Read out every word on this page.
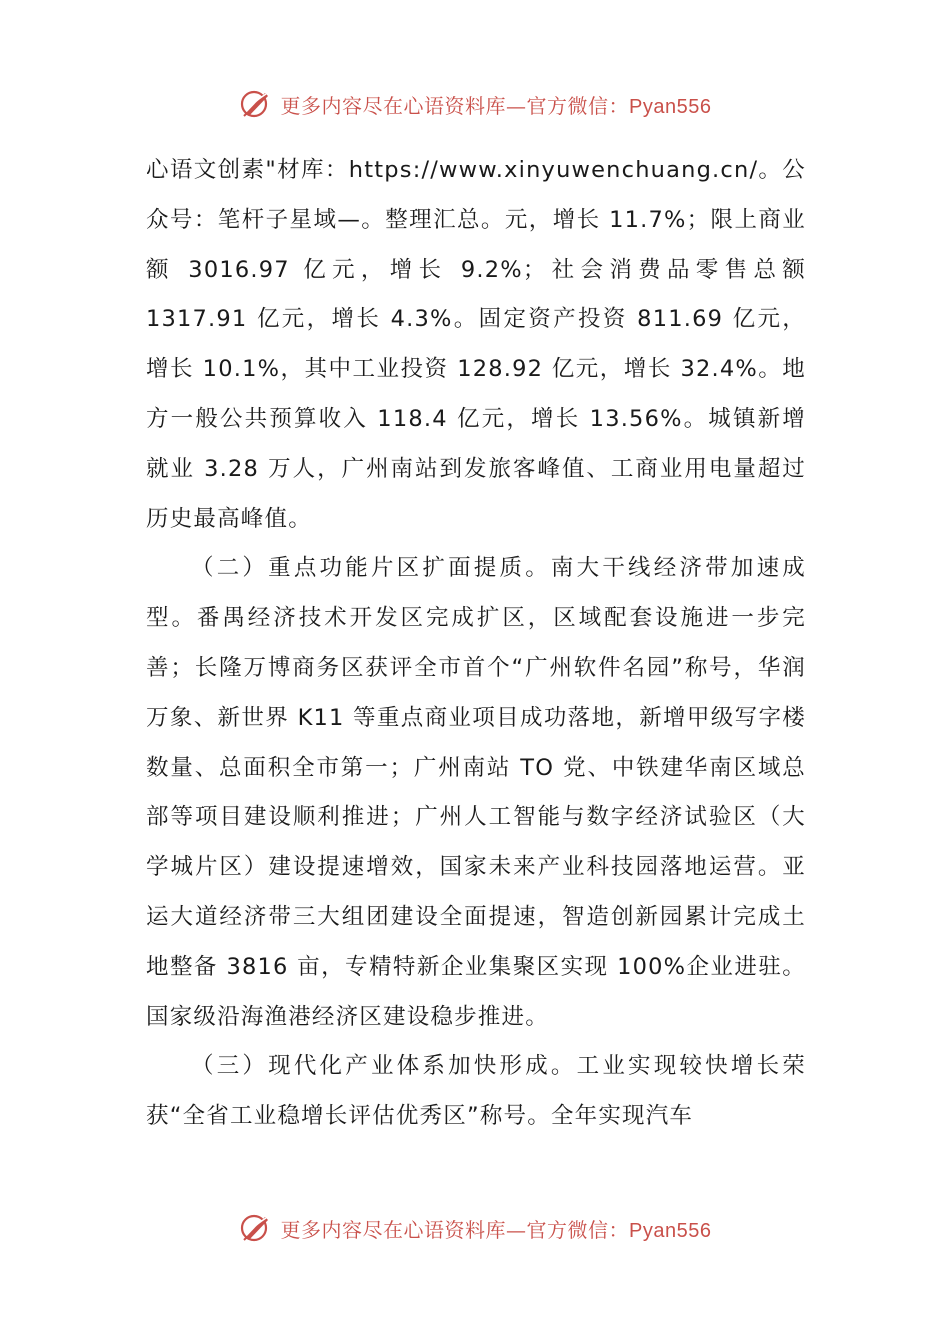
更多内容尽在心语资料库—官方微信：Pyan556

心语文创素"材库：https://www.xinyuwenchuang.cn/。公众号：笔杆子星域—。整理汇总。元，增长 11.7%；限上商业额 3016.97 亿元，增长 9.2%；社会消费品零售总额 1317.91 亿元，增长 4.3%。固定资产投资 811.69 亿元，增长 10.1%，其中工业投资 128.92 亿元，增长 32.4%。地方一般公共预算收入 118.4 亿元，增长 13.56%。城镇新增就业 3.28 万人，广州南站到发旅客峰值、工商业用电量超过历史最高峰值。

（二）重点功能片区扩面提质。南大干线经济带加速成型。番禺经济技术开发区完成扩区，区域配套设施进一步完善；长隆万博商务区获评全市首个“广州软件名园”称号，华润万象、新世界 K11 等重点商业项目成功落地，新增甲级写字楼数量、总面积全市第一；广州南站 TO 党、中铁建华南区域总部等项目建设顺利推进；广州人工智能与数字经济试验区（大学城片区）建设提速增效，国家未来产业科技园落地运营。亚运大道经济带三大组团建设全面提速，智造创新园累计完成土地整备 3816 亩，专精特新企业集聚区实现 100%企业进驻。国家级沿海渔港经济区建设稳步推进。

（三）现代化产业体系加快形成。工业实现较快增长荣获“全省工业稳增长评估优秀区”称号。全年实现汽车

更多内容尽在心语资料库—官方微信：Pyan556
